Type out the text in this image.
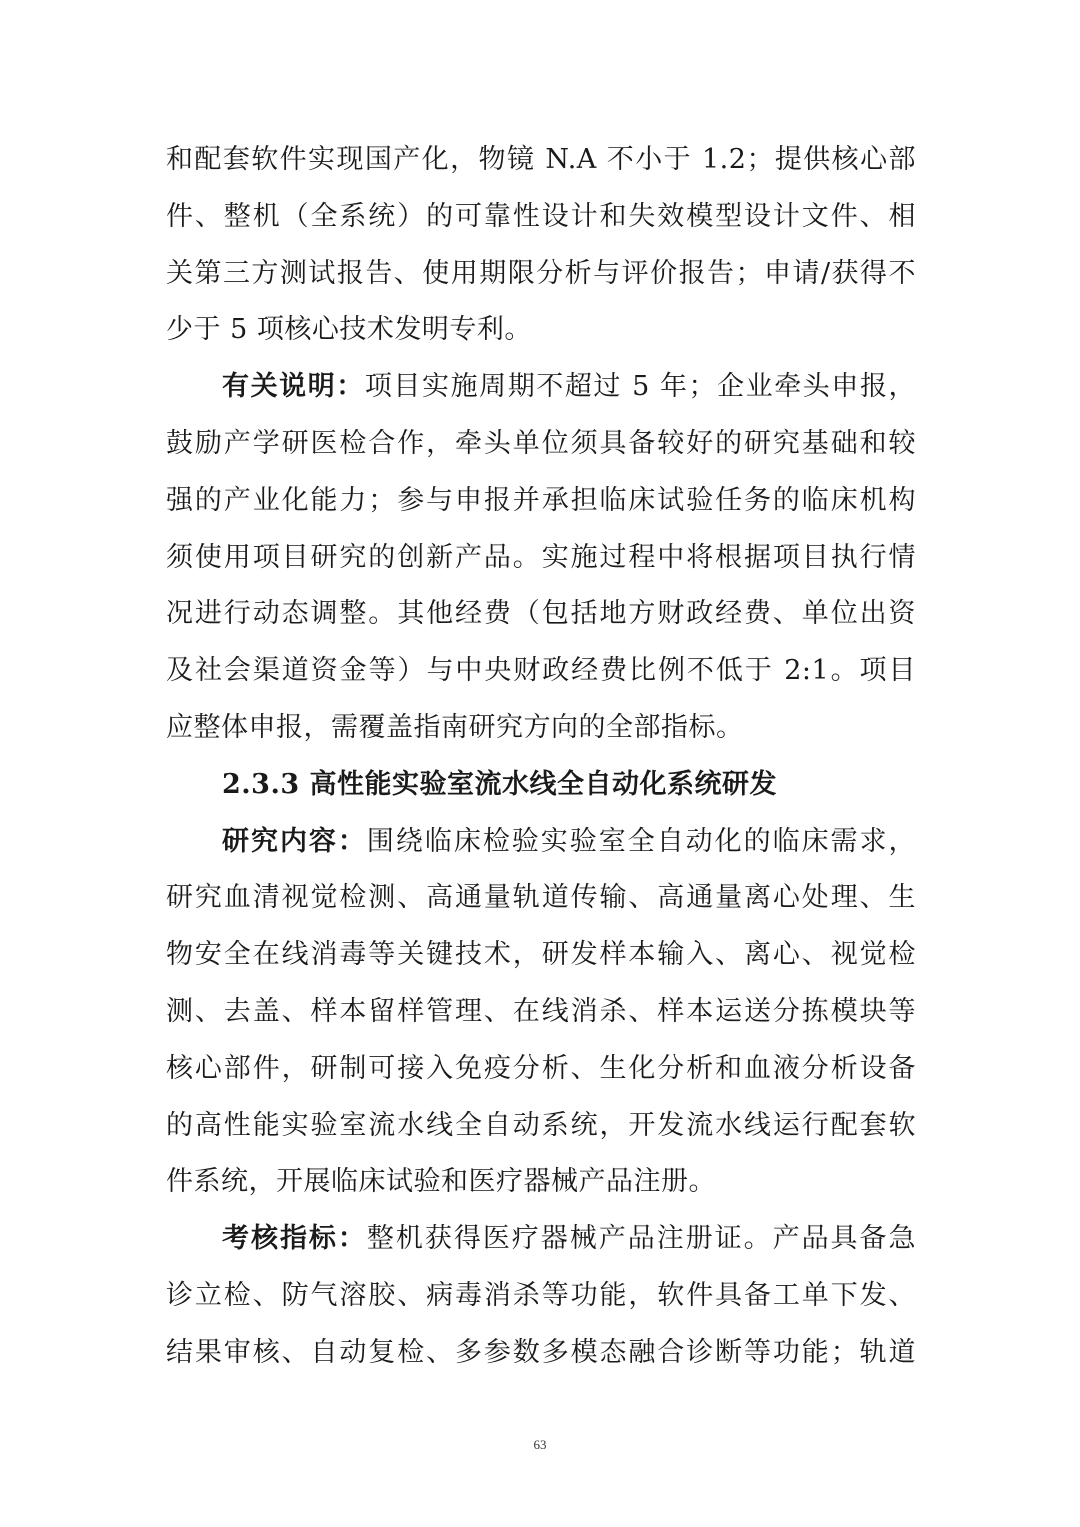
和配套软件实现国产化，物镜 N.A 不小于 1.2；提供核心部
件、整机（全系统）的可靠性设计和失效模型设计文件、相
关第三方测试报告、使用期限分析与评价报告；申请/获得不
少于 5 项核心技术发明专利。
有关说明：项目实施周期不超过 5 年；企业牵头申报，
鼓励产学研医检合作，牵头单位须具备较好的研究基础和较
强的产业化能力；参与申报并承担临床试验任务的临床机构
须使用项目研究的创新产品。实施过程中将根据项目执行情
况进行动态调整。其他经费（包括地方财政经费、单位出资
及社会渠道资金等）与中央财政经费比例不低于 2:1。项目
应整体申报，需覆盖指南研究方向的全部指标。
2.3.3 高性能实验室流水线全自动化系统研发
研究内容：围绕临床检验实验室全自动化的临床需求，
研究血清视觉检测、高通量轨道传输、高通量离心处理、生
物安全在线消毒等关键技术，研发样本输入、离心、视觉检
测、去盖、样本留样管理、在线消杀、样本运送分拣模块等
核心部件，研制可接入免疫分析、生化分析和血液分析设备
的高性能实验室流水线全自动系统，开发流水线运行配套软
件系统，开展临床试验和医疗器械产品注册。
考核指标：整机获得医疗器械产品注册证。产品具备急
诊立检、防气溶胶、病毒消杀等功能，软件具备工单下发、
结果审核、自动复检、多参数多模态融合诊断等功能；轨道
63
